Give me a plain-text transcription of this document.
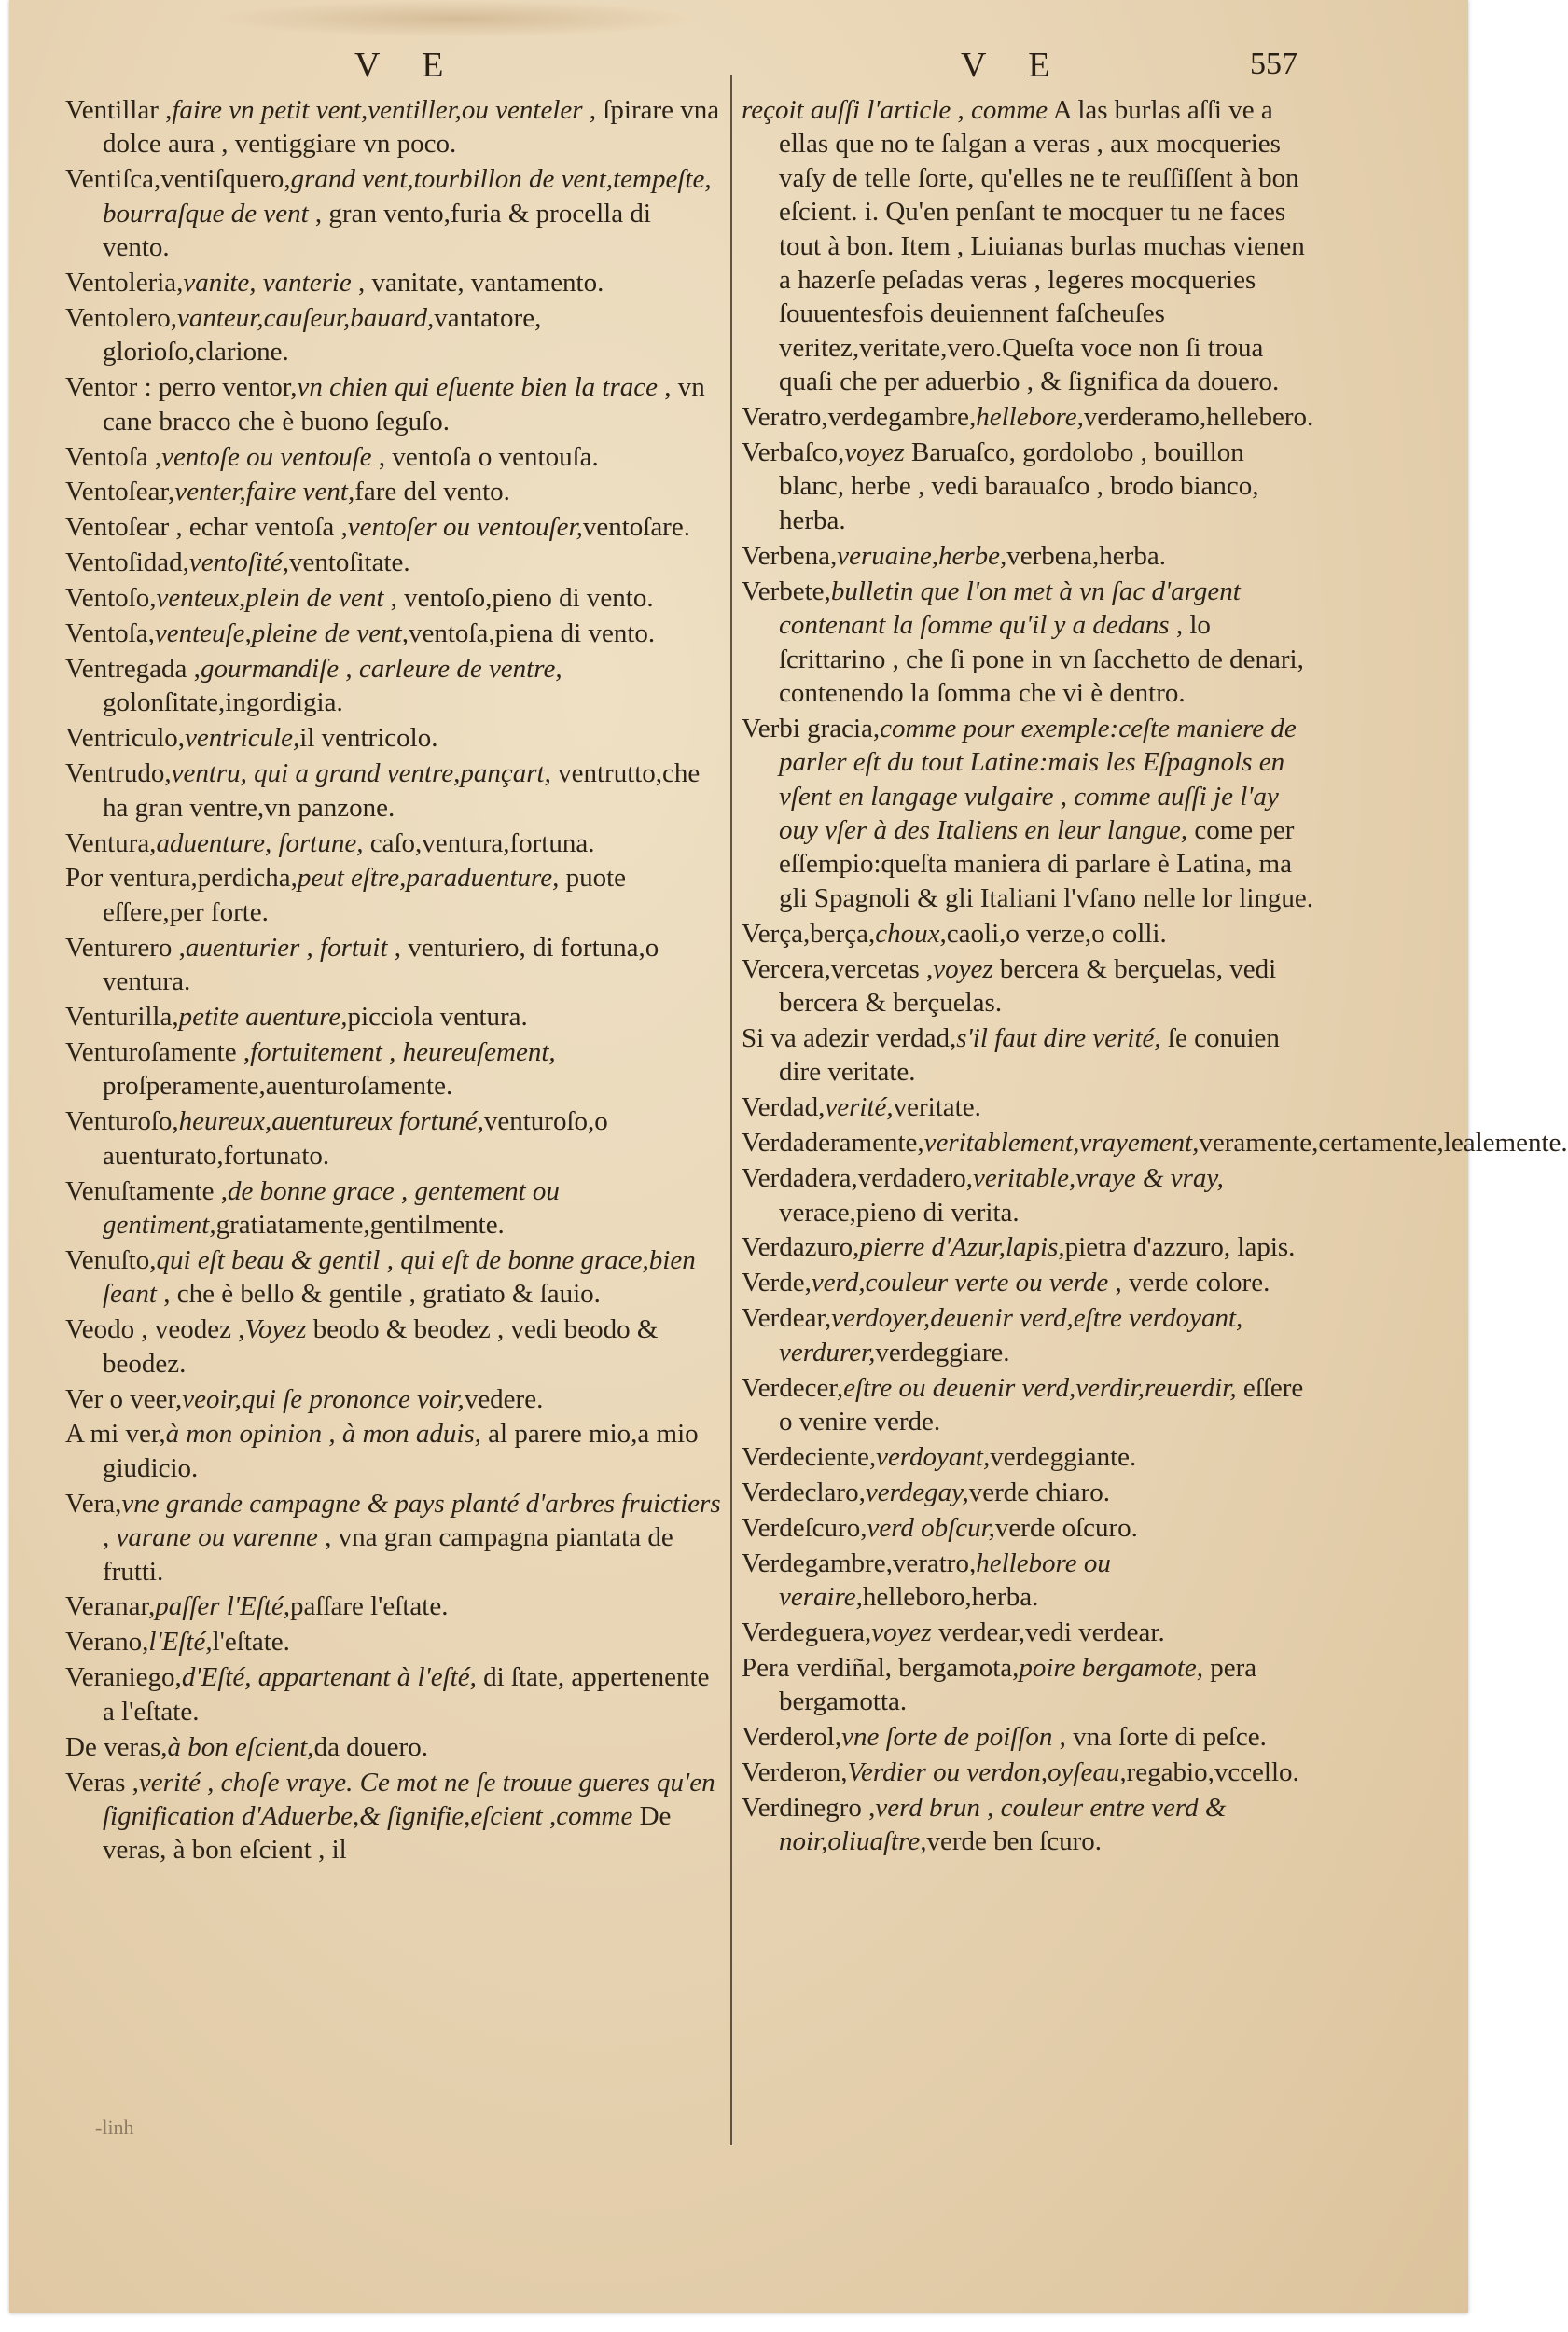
V E	V E	557

Ventillar ,faire vn petit vent,ventiller,ou venteler , ſpirare vna dolce aura , ventiggiare vn poco.

Ventiſca,ventiſquero,grand vent,tourbillon de vent,tempeſte, bourraſque de vent , gran vento,furia & procella di vento.

Ventoleria,vanite, vanterie , vanitate, vantamento.

Ventolero,vanteur,cauſeur,bauard,vantatore, glorioſo,clarione.

Ventor : perro ventor,vn chien qui eſuente bien la trace , vn cane bracco che è buono ſeguſo.

Ventoſa ,ventoſe ou ventouſe , ventoſa o ventouſa.

Ventoſear,venter,faire vent,fare del vento.

Ventoſear , echar ventoſa ,ventoſer ou ventouſer,ventoſare.

Ventoſidad,ventoſité,ventoſitate.

Ventoſo,venteux,plein de vent , ventoſo,pieno di vento.

Ventoſa,venteuſe,pleine de vent,ventoſa,piena di vento.

Ventregada ,gourmandiſe , carleure de ventre, golonſitate,ingordigia.

Ventriculo,ventricule,il ventricolo.

Ventrudo,ventru, qui a grand ventre,pançart, ventrutto,che ha gran ventre,vn panzone.

Ventura,aduenture, fortune, caſo,ventura,fortuna.

Por ventura,perdicha,peut eſtre,paraduenture, puote eſſere,per forte.

Venturero ,auenturier , fortuit , venturiero, di fortuna,o ventura.

Venturilla,petite auenture,picciola ventura.

Venturoſamente ,fortuitement , heureuſement, proſperamente,auenturoſamente.

Venturoſo,heureux,auentureux fortuné,venturoſo,o auenturato,fortunato.

Venuſtamente ,de bonne grace , gentement ou gentiment,gratiatamente,gentilmente.

Venuſto,qui eſt beau & gentil , qui eſt de bonne grace,bien ſeant , che è bello & gentile , gratiato & ſauio.

Veodo , veodez ,Voyez beodo & beodez , vedi beodo & beodez.

Ver o veer,veoir,qui ſe prononce voir,vedere.

A mi ver,à mon opinion , à mon aduis, al parere mio,a mio giudicio.

Vera,vne grande campagne & pays planté d'arbres fruictiers , varane ou varenne , vna gran campagna piantata de frutti.

Veranar,paſſer l'Eſté,paſſare l'eſtate.

Verano,l'Eſté,l'eſtate.

Veraniego,d'Eſté, appartenant à l'eſté, di ſtate, appertenente a l'eſtate.

De veras,à bon eſcient,da douero.

Veras ,verité , choſe vraye. Ce mot ne ſe trouue gueres qu'en ſignification d'Aduerbe,& ſignifie,eſcient ,comme De veras, à bon eſcient , il

reçoit auſſi l'article , comme A las burlas aſſi ve a ellas que no te ſalgan a veras , aux mocqueries vaſy de telle ſorte, qu'elles ne te reuſſiſſent à bon eſcient. i. Qu'en penſant te mocquer tu ne faces tout à bon. Item , Liuianas burlas muchas vienen a hazerſe peſadas veras , legeres mocqueries ſouuentesfois deuiennent faſcheuſes veritez,veritate,vero.Queſta voce non ſi troua quaſi che per aduerbio , & ſignifica da douero.

Veratro,verdegambre,hellebore,verderamo,hellebero.

Verbaſco,voyez Baruaſco, gordolobo , bouillon blanc, herbe , vedi barauaſco , brodo bianco, herba.

Verbena,veruaine,herbe,verbena,herba.

Verbete,bulletin que l'on met à vn ſac d'argent contenant la ſomme qu'il y a dedans , lo ſcrittarino , che ſi pone in vn ſacchetto de denari, contenendo la ſomma che vi è dentro.

Verbi gracia,comme pour exemple:ceſte maniere de parler eſt du tout Latine:mais les Eſpagnols en vſent en langage vulgaire , comme auſſi je l'ay ouy vſer à des Italiens en leur langue, come per eſſempio:queſta maniera di parlare è Latina, ma gli Spagnoli & gli Italiani l'vſano nelle lor lingue.

Verça,berça,choux,caoli,o verze,o colli.

Vercera,vercetas ,voyez bercera & berçuelas, vedi bercera & berçuelas.

Si va adezir verdad,s'il faut dire verité, ſe conuien dire veritate.

Verdad,verité,veritate.

Verdaderamente,veritablement,vrayement,veramente,certamente,lealemente.

Verdadera,verdadero,veritable,vraye & vray, verace,pieno di verita.

Verdazuro,pierre d'Azur,lapis,pietra d'azzuro, lapis.

Verde,verd,couleur verte ou verde , verde colore.

Verdear,verdoyer,deuenir verd,eſtre verdoyant, verdurer,verdeggiare.

Verdecer,eſtre ou deuenir verd,verdir,reuerdir, eſſere o venire verde.

Verdeciente,verdoyant,verdeggiante.

Verdeclaro,verdegay,verde chiaro.

Verdeſcuro,verd obſcur,verde oſcuro.

Verdegambre,veratro,hellebore ou veraire,helleboro,herba.

Verdeguera,voyez verdear,vedi verdear.

Pera verdiñal, bergamota,poire bergamote, pera bergamotta.

Verderol,vne ſorte de poiſſon , vna ſorte di peſce.

Verderon,Verdier ou verdon,oyſeau,regabio,vccello.

Verdinegro ,verd brun , couleur entre verd & noir,oliuaſtre,verde ben ſcuro.

-linh
